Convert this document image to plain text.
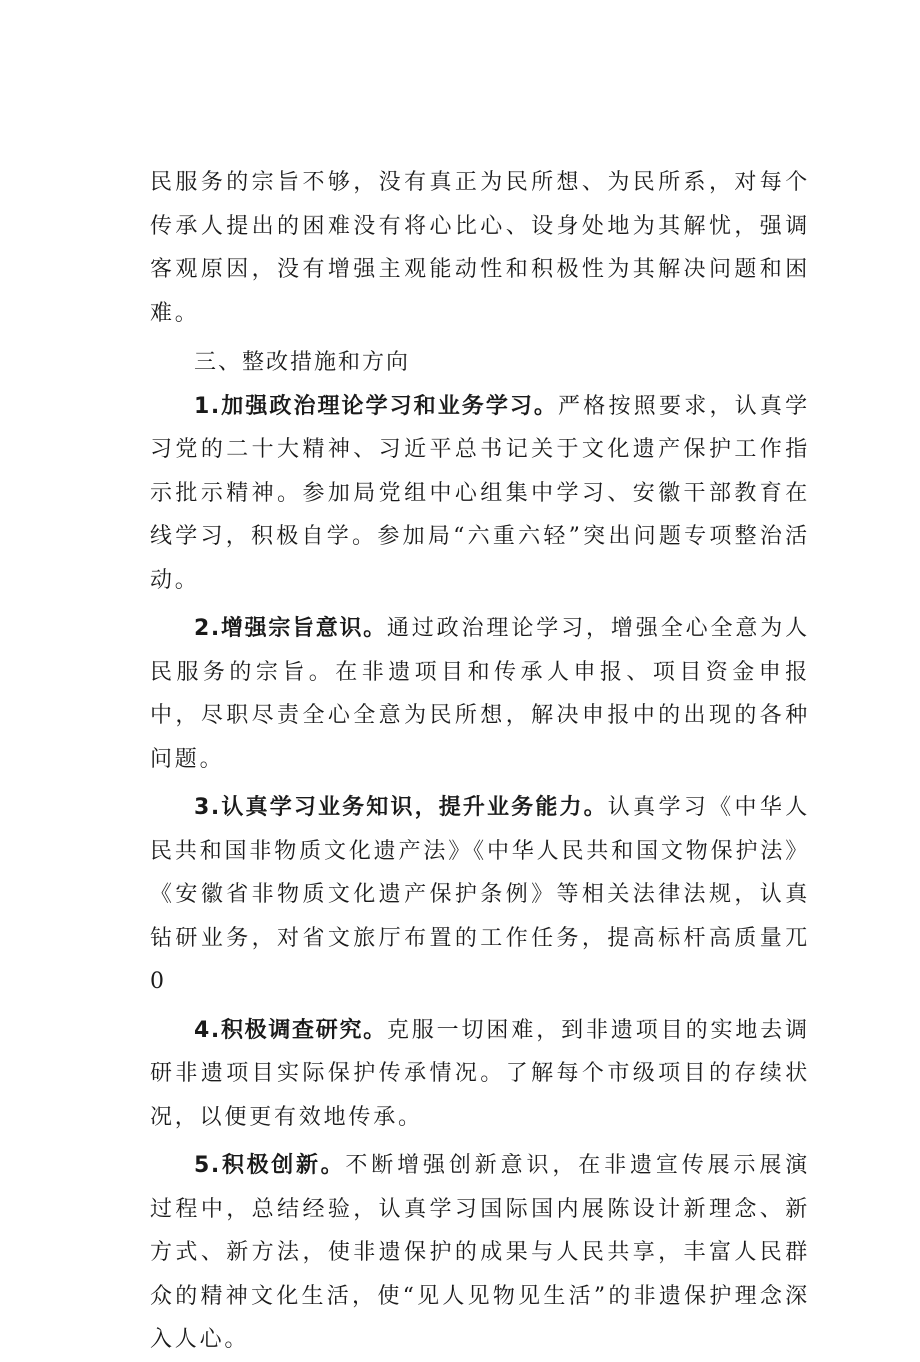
民服务的宗旨不够，没有真正为民所想、为民所系，对每个传承人提出的困难没有将心比心、设身处地为其解忧，强调客观原因，没有增强主观能动性和积极性为其解决问题和困难。

三、整改措施和方向

1.加强政治理论学习和业务学习。严格按照要求，认真学习党的二十大精神、习近平总书记关于文化遗产保护工作指示批示精神。参加局党组中心组集中学习、安徽干部教育在线学习，积极自学。参加局“六重六轻”突出问题专项整治活动。

2.增强宗旨意识。通过政治理论学习，增强全心全意为人民服务的宗旨。在非遗项目和传承人申报、项目资金申报中，尽职尽责全心全意为民所想，解决申报中的出现的各种问题。

3.认真学习业务知识，提升业务能力。认真学习《中华人民共和国非物质文化遗产法》《中华人民共和国文物保护法》《安徽省非物质文化遗产保护条例》等相关法律法规，认真钻研业务，对省文旅厅布置的工作任务，提高标杆高质量兀0

4.积极调查研究。克服一切困难，到非遗项目的实地去调研非遗项目实际保护传承情况。了解每个市级项目的存续状况，以便更有效地传承。

5.积极创新。不断增强创新意识，在非遗宣传展示展演过程中，总结经验，认真学习国际国内展陈设计新理念、新方式、新方法，使非遗保护的成果与人民共享，丰富人民群众的精神文化生活，使“见人见物见生活”的非遗保护理念深入人心。
